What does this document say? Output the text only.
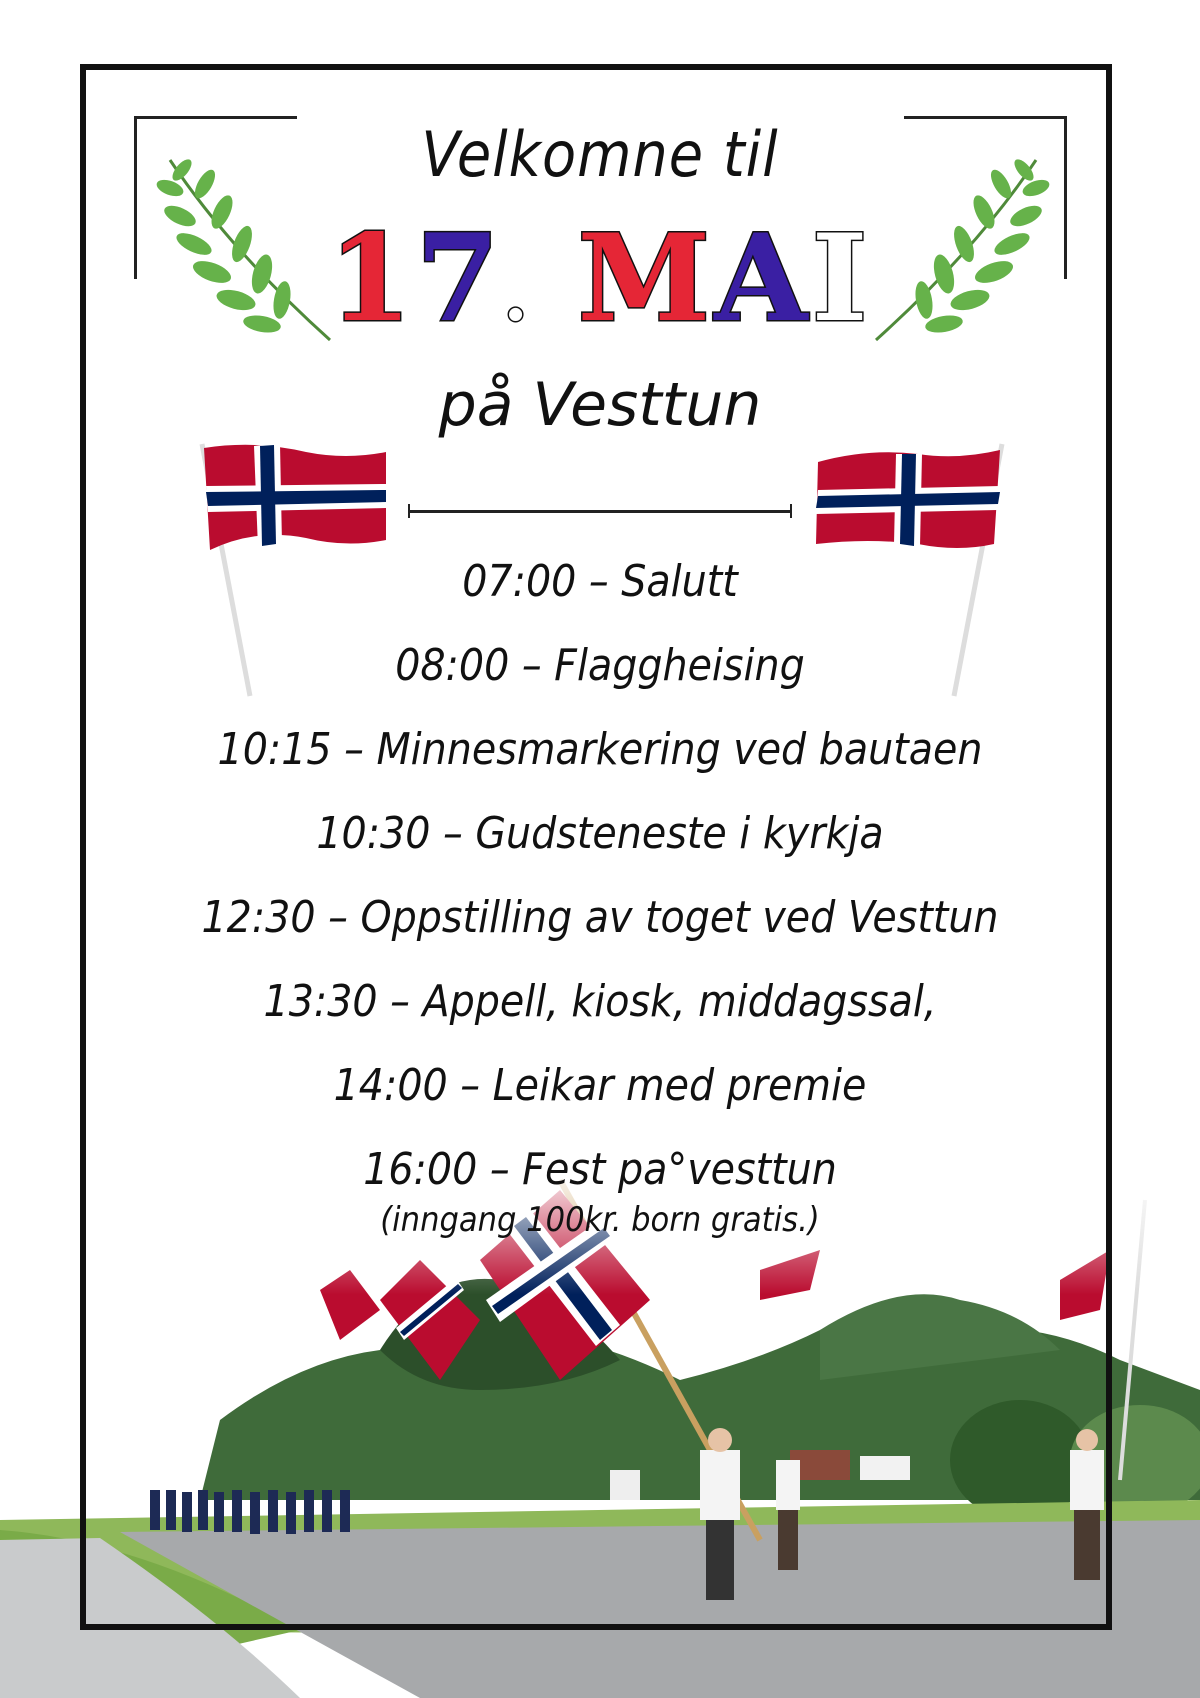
Velkomne til
17. MAI
på Vesttun
07:00 – Salutt
08:00 – Flaggheising
10:15 – Minnesmarkering ved bautaen
10:30 – Gudsteneste i kyrkja
12:30 – Oppstilling av toget ved Vesttun
13:30 – Appell, kiosk, middagssal,
14:00 – Leikar med premie
16:00 – Fest pa°vesttun
(inngang 100kr. born gratis.)
